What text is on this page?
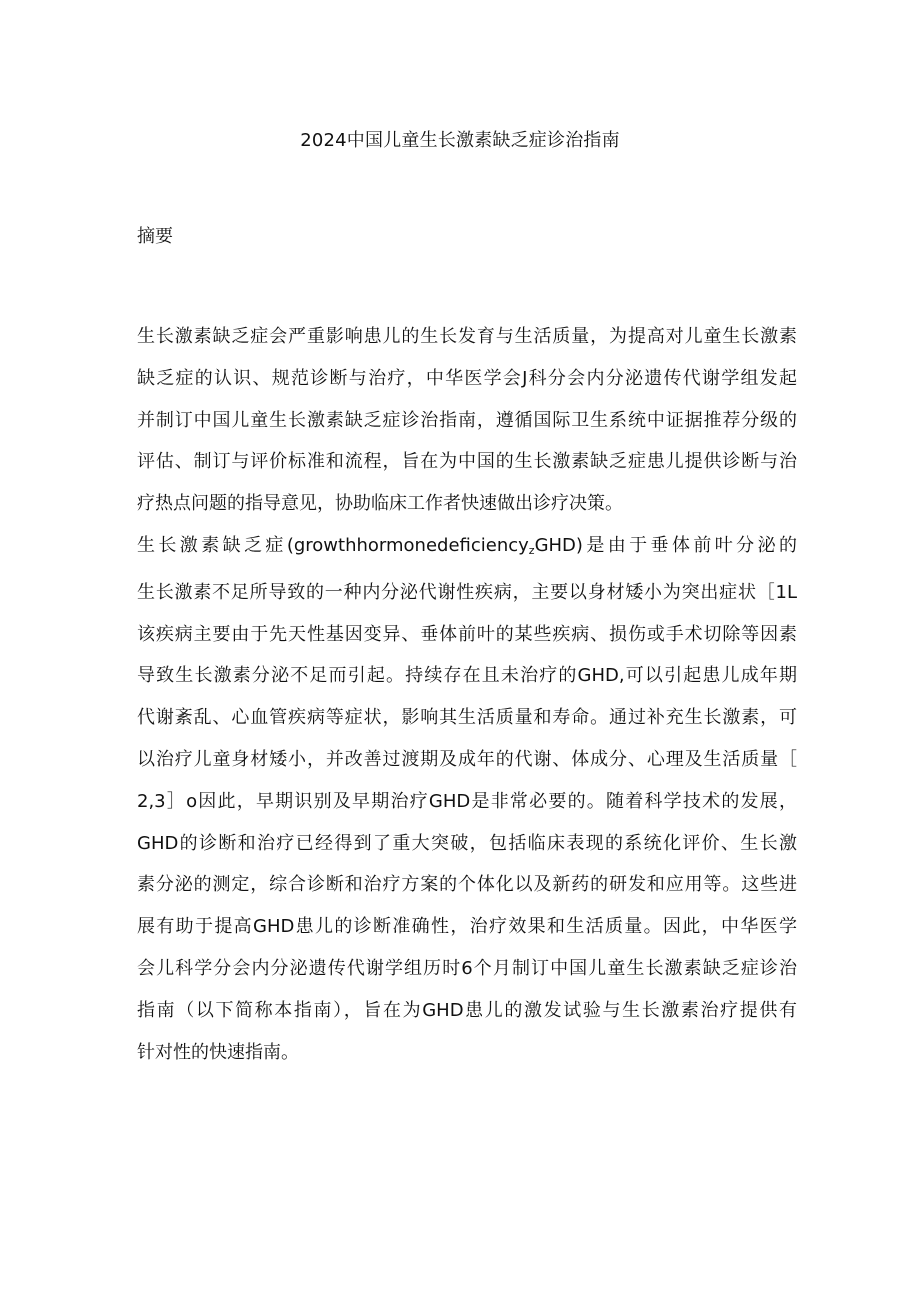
2024中国儿童生长激素缺乏症诊治指南
摘要
生长激素缺乏症会严重影响患儿的生长发育与生活质量，为提高对儿童生长激素
缺乏症的认识、规范诊断与治疗，中华医学会J科分会内分泌遗传代谢学组发起
并制订中国儿童生长激素缺乏症诊治指南，遵循国际卫生系统中证据推荐分级的
评估、制订与评价标准和流程，旨在为中国的生长激素缺乏症患儿提供诊断与治
疗热点问题的指导意见，协助临床工作者快速做出诊疗决策。
生长激素缺乏症(growthhormonedeficiency$_z$GHD)是由于垂体前叶分泌的
生长激素不足所导致的一种内分泌代谢性疾病，主要以身材矮小为突出症状［1L
该疾病主要由于先天性基因变异、垂体前叶的某些疾病、损伤或手术切除等因素
导致生长激素分泌不足而引起。持续存在且未治疗的GHD,可以引起患儿成年期
代谢紊乱、心血管疾病等症状，影响其生活质量和寿命。通过补充生长激素，可
以治疗儿童身材矮小，并改善过渡期及成年的代谢、体成分、心理及生活质量［
2,3］o因此，早期识别及早期治疗GHD是非常必要的。随着科学技术的发展，
GHD的诊断和治疗已经得到了重大突破，包括临床表现的系统化评价、生长激
素分泌的测定，综合诊断和治疗方案的个体化以及新药的研发和应用等。这些进
展有助于提高GHD患儿的诊断准确性，治疗效果和生活质量。因此，中华医学
会儿科学分会内分泌遗传代谢学组历时6个月制订中国儿童生长激素缺乏症诊治
指南（以下简称本指南），旨在为GHD患儿的激发试验与生长激素治疗提供有
针对性的快速指南。
